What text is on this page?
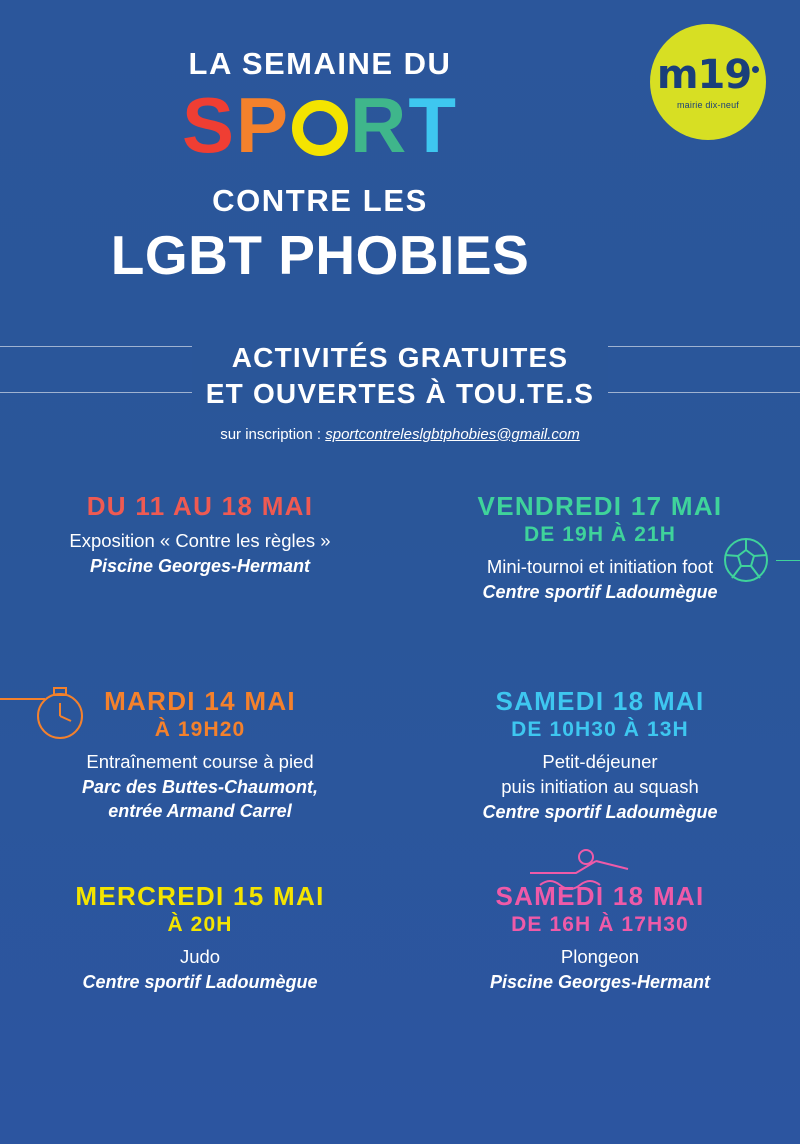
m19
mairie dix-neuf
LA SEMAINE DU
SP RT
CONTRE LES
LGBT PHOBIES
ACTIVITÉS GRATUITES
ET OUVERTES À TOU.TE.S
sur inscription : sportcontreleslgbtphobies@gmail.com
DU 11 AU 18 MAI
Exposition « Contre les règles »
Piscine Georges-Hermant
VENDREDI 17 MAI
DE 19H À 21H
Mini-tournoi et initiation foot
Centre sportif Ladoumègue
MARDI 14 MAI
À 19H20
Entraînement course à pied
Parc des Buttes-Chaumont,
entrée Armand Carrel
SAMEDI 18 MAI
DE 10H30 À 13H
Petit-déjeuner
puis initiation au squash
Centre sportif Ladoumègue
MERCREDI 15 MAI
À 20H
Judo
Centre sportif Ladoumègue
SAMEDI 18 MAI
DE 16H À 17H30
Plongeon
Piscine Georges-Hermant
